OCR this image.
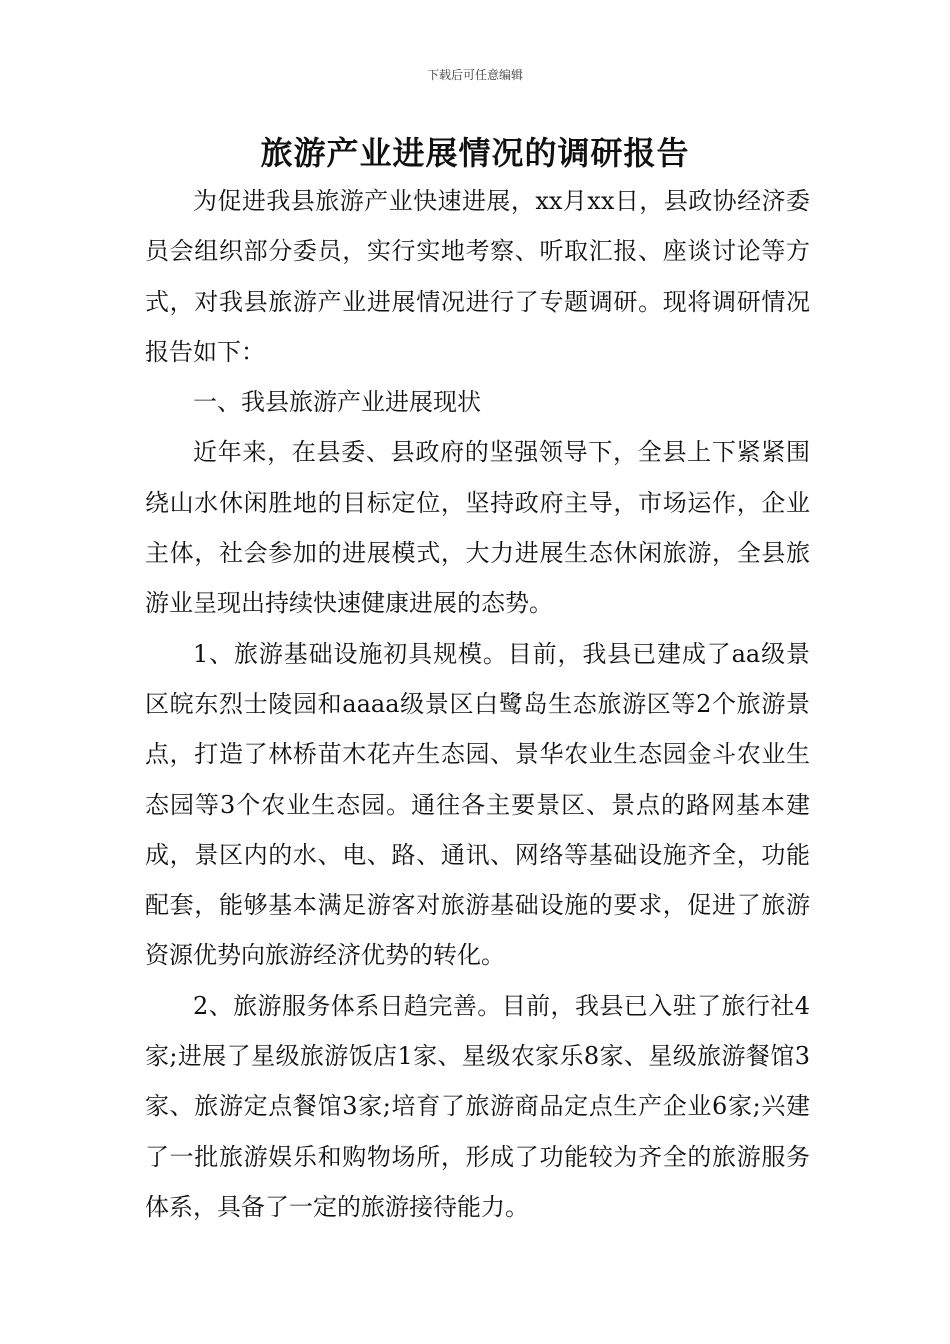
下载后可任意编辑
旅游产业进展情况的调研报告

为促进我县旅游产业快速进展，xx月xx日，县政协经济委员会组织部分委员，实行实地考察、听取汇报、座谈讨论等方式，对我县旅游产业进展情况进行了专题调研。现将调研情况报告如下：

一、我县旅游产业进展现状

近年来，在县委、县政府的坚强领导下，全县上下紧紧围绕山水休闲胜地的目标定位，坚持政府主导，市场运作，企业主体，社会参加的进展模式，大力进展生态休闲旅游，全县旅游业呈现出持续快速健康进展的态势。

1、旅游基础设施初具规模。目前，我县已建成了aa级景区皖东烈士陵园和aaaa级景区白鹭岛生态旅游区等2个旅游景点，打造了林桥苗木花卉生态园、景华农业生态园金斗农业生态园等3个农业生态园。通往各主要景区、景点的路网基本建成，景区内的水、电、路、通讯、网络等基础设施齐全，功能配套，能够基本满足游客对旅游基础设施的要求，促进了旅游资源优势向旅游经济优势的转化。

2、旅游服务体系日趋完善。目前，我县已入驻了旅行社4家;进展了星级旅游饭店1家、星级农家乐8家、星级旅游餐馆3家、旅游定点餐馆3家;培育了旅游商品定点生产企业6家;兴建了一批旅游娱乐和购物场所，形成了功能较为齐全的旅游服务体系，具备了一定的旅游接待能力。
